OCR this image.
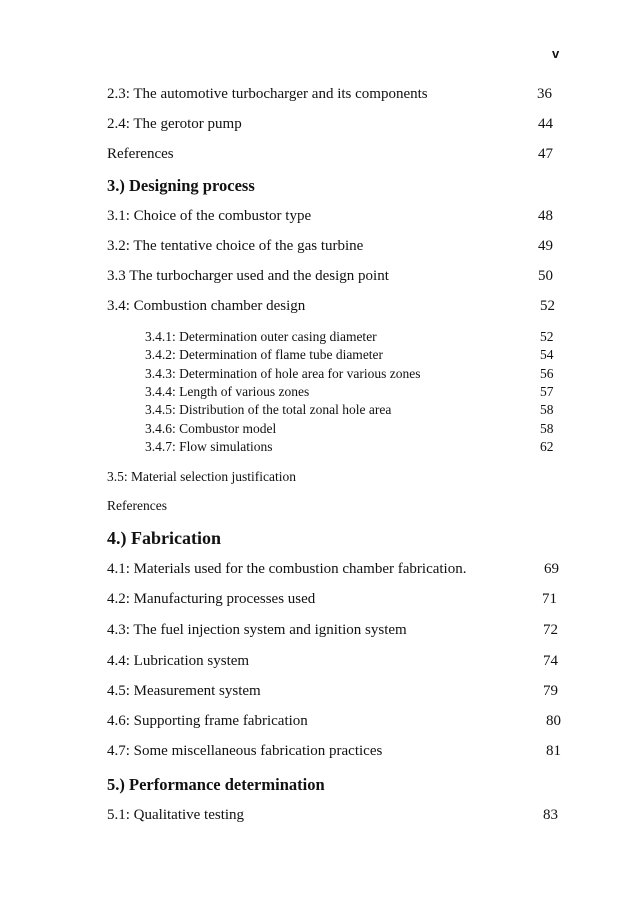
v
2.3: The automotive turbocharger and its components	36
2.4: The gerotor pump	44
References	47
3.) Designing process
3.1: Choice of the combustor type	48
3.2: The tentative choice of the gas turbine	49
3.3 The turbocharger used and the design point	50
3.4: Combustion chamber design	52
3.4.1: Determination outer casing diameter	52
3.4.2: Determination of flame tube diameter	54
3.4.3: Determination of hole area for various zones	56
3.4.4: Length of various zones	57
3.4.5: Distribution of the total zonal hole area	58
3.4.6: Combustor model	58
3.4.7: Flow simulations	62
3.5: Material selection justification
References
4.) Fabrication
4.1: Materials used for the combustion chamber fabrication.	69
4.2: Manufacturing processes used	71
4.3: The fuel injection system and ignition system	72
4.4: Lubrication system	74
4.5: Measurement system	79
4.6: Supporting frame fabrication	80
4.7: Some miscellaneous fabrication practices	81
5.) Performance determination
5.1: Qualitative testing	83
